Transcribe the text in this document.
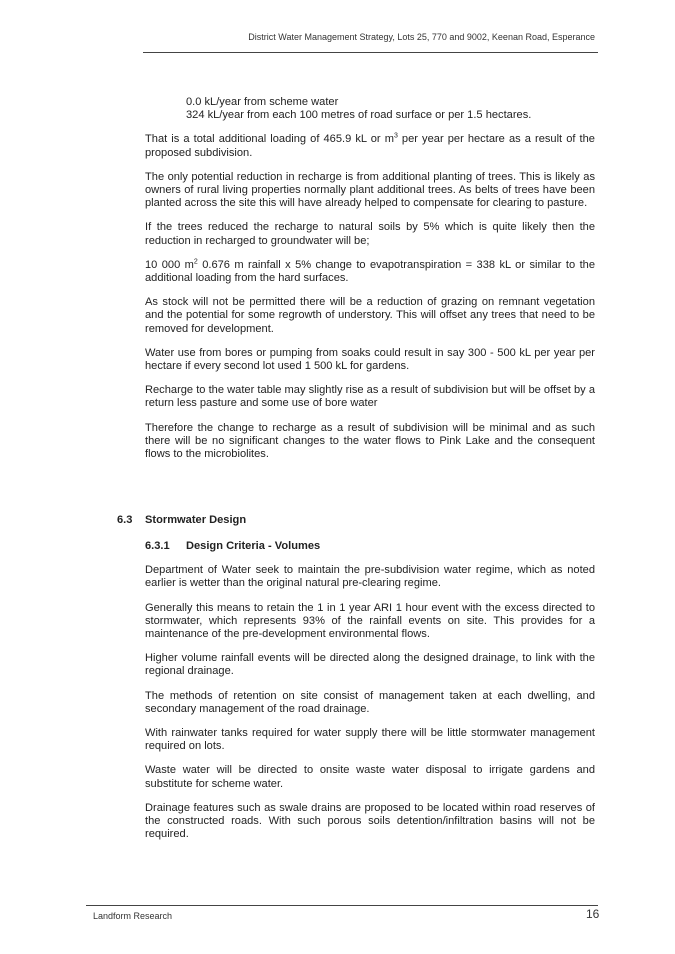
District Water Management Strategy, Lots 25, 770 and 9002, Keenan Road, Esperance

0.0 kL/year from scheme water

324 kL/year from each 100 metres of road surface or per 1.5 hectares.

That is a total additional loading of 465.9 kL or $m^3$ per year per hectare as a result of the proposed subdivision.

The only potential reduction in recharge is from additional planting of trees. This is likely as owners of rural living properties normally plant additional trees. As belts of trees have been planted across the site this will have already helped to compensate for clearing to pasture.

If the trees reduced the recharge to natural soils by 5% which is quite likely then the reduction in recharged to groundwater will be;

10 000 $m^2$ 0.676 m rainfall x 5% change to evapotranspiration = 338 kL or similar to the additional loading from the hard surfaces.

As stock will not be permitted there will be a reduction of grazing on remnant vegetation and the potential for some regrowth of understory. This will offset any trees that need to be removed for development.

Water use from bores or pumping from soaks could result in say 300 - 500 kL per year per hectare if every second lot used 1 500 kL for gardens.

Recharge to the water table may slightly rise as a result of subdivision but will be offset by a return less pasture and some use of bore water

Therefore the change to recharge as a result of subdivision will be minimal and as such there will be no significant changes to the water flows to Pink Lake and the consequent flows to the microbiolites.

6.3 Stormwater Design

6.3.1 Design Criteria - Volumes

Department of Water seek to maintain the pre-subdivision water regime, which as noted earlier is wetter than the original natural pre-clearing regime.

Generally this means to retain the 1 in 1 year ARI 1 hour event with the excess directed to stormwater, which represents 93% of the rainfall events on site. This provides for a maintenance of the pre-development environmental flows.

Higher volume rainfall events will be directed along the designed drainage, to link with the regional drainage.

The methods of retention on site consist of management taken at each dwelling, and secondary management of the road drainage.

With rainwater tanks required for water supply there will be little stormwater management required on lots.

Waste water will be directed to onsite waste water disposal to irrigate gardens and substitute for scheme water.

Drainage features such as swale drains are proposed to be located within road reserves of the constructed roads. With such porous soils detention/infiltration basins will not be required.

Landform Research	16
